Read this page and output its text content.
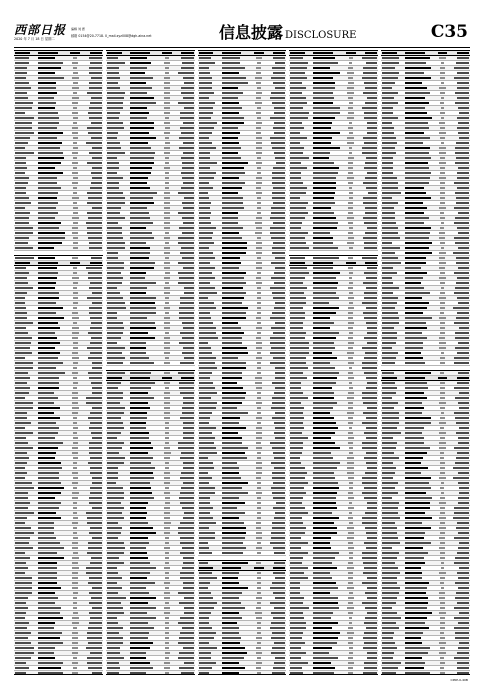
西部日报 编辑 刘 德
2020 年 7 月 18 日 星期二
邮箱 0154@20-7718. 0_mail.xyz008@dgh-aina.net	信息披露 DISCLOSURE	C35
CP0P-0-40B
